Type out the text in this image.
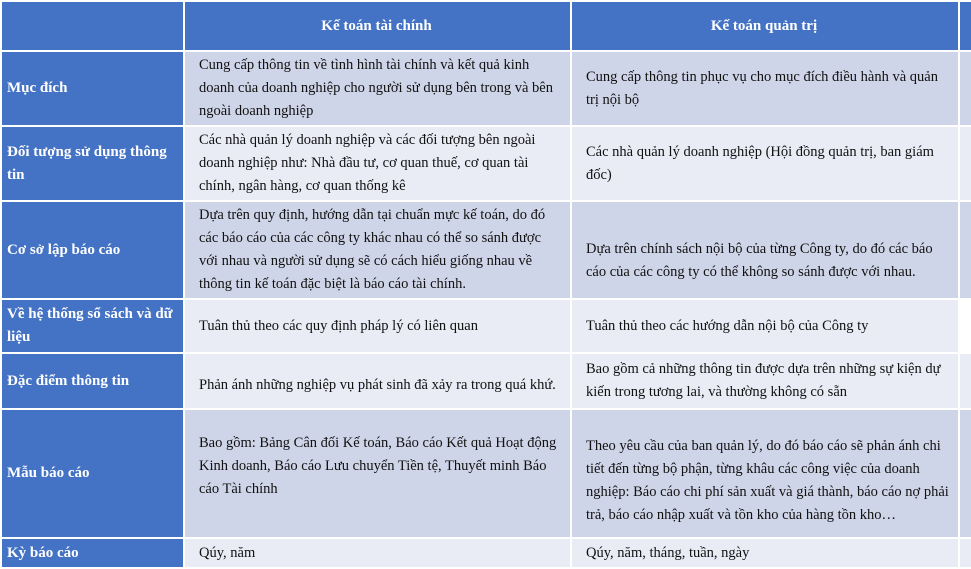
	Kế toán tài chính	Kế toán quản trị	
Mục đích	Cung cấp thông tin về tình hình tài chính và kết quả kinh doanh của doanh nghiệp cho người sử dụng bên trong và bên ngoài doanh nghiệp	Cung cấp thông tin phục vụ cho mục đích điều hành và quản trị nội bộ	
Đối tượng sử dụng thông tin	Các nhà quản lý doanh nghiệp và các đối tượng bên ngoài doanh nghiệp như: Nhà đầu tư, cơ quan thuế, cơ quan tài chính, ngân hàng, cơ quan thống kê	Các nhà quản lý doanh nghiệp (Hội đồng quản trị, ban giám đốc)	
Cơ sở lập báo cáo	Dựa trên quy định, hướng dẫn tại chuẩn mực kế toán, do đó các báo cáo của các công ty khác nhau có thể so sánh được với nhau và người sử dụng sẽ có cách hiểu giống nhau về thông tin kế toán đặc biệt là báo cáo tài chính.	Dựa trên chính sách nội bộ của từng Công ty, do đó các báo cáo của các công ty có thể không so sánh được với nhau.	
Về hệ thống sổ sách và dữ liệu	Tuân thủ theo các quy định pháp lý có liên quan	Tuân thủ theo các hướng dẫn nội bộ của Công ty	
Đặc điểm thông tin	Phản ánh những nghiệp vụ phát sinh đã xảy ra trong quá khứ.	Bao gồm cả những thông tin được dựa trên những sự kiện dự kiến trong tương lai, và thường không có sẵn	
Mẫu báo cáo	Bao gồm: Bảng Cân đối Kế toán, Báo cáo Kết quả Hoạt động Kinh doanh, Báo cáo Lưu chuyển Tiền tệ, Thuyết minh Báo cáo Tài chính	Theo yêu cầu của ban quản lý, do đó báo cáo sẽ phản ánh chi tiết đến từng bộ phận, từng khâu các công việc của doanh nghiệp: Báo cáo chi phí sản xuất và giá thành, báo cáo nợ phải trả, báo cáo nhập xuất và tồn kho của hàng tồn kho…	
Kỳ báo cáo	Qúy, năm	Qúy, năm, tháng, tuần, ngày	
